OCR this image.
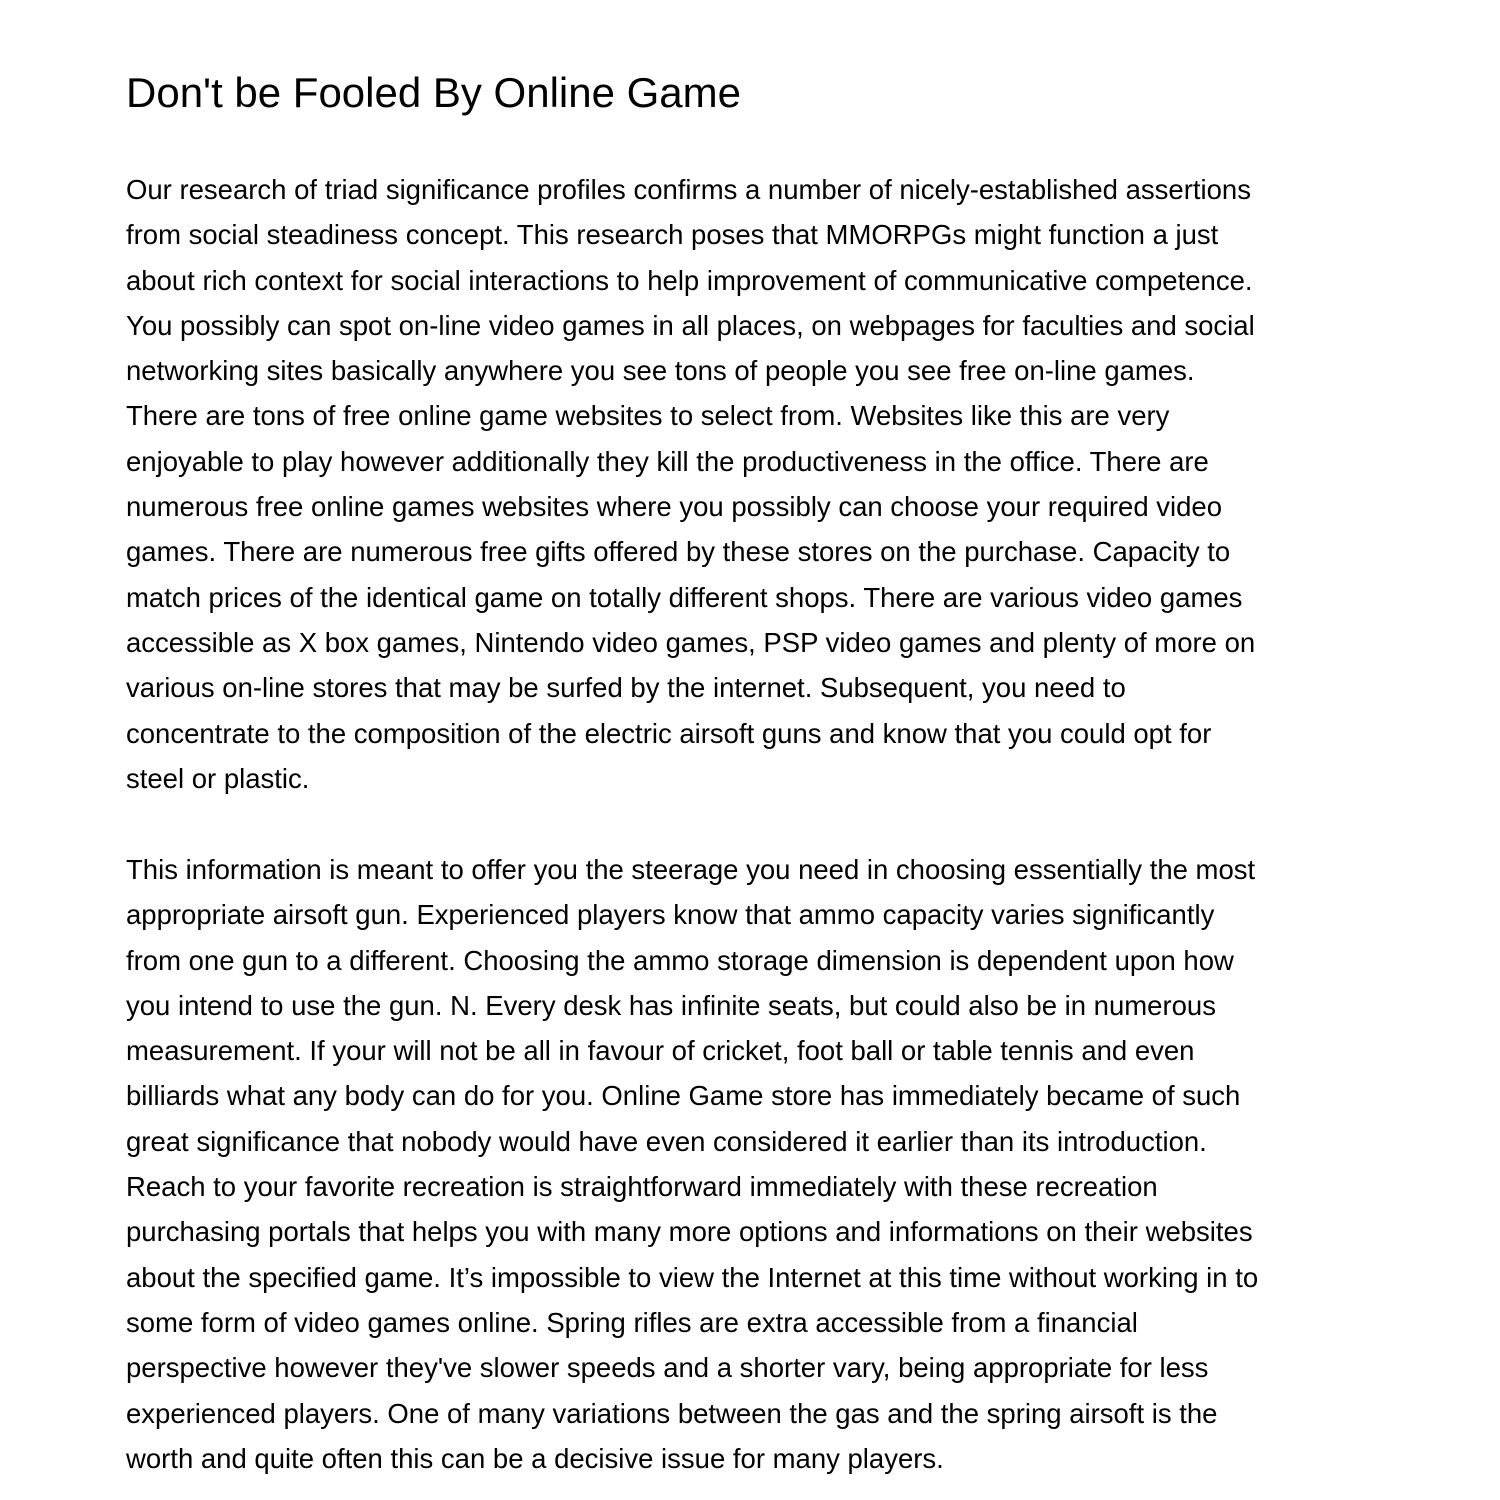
Don't be Fooled By Online Game
Our research of triad significance profiles confirms a number of nicely-established assertions
from social steadiness concept. This research poses that MMORPGs might function a just
about rich context for social interactions to help improvement of communicative competence.
You possibly can spot on-line video games in all places, on webpages for faculties and social
networking sites basically anywhere you see tons of people you see free on-line games.
There are tons of free online game websites to select from. Websites like this are very
enjoyable to play however additionally they kill the productiveness in the office. There are
numerous free online games websites where you possibly can choose your required video
games. There are numerous free gifts offered by these stores on the purchase. Capacity to
match prices of the identical game on totally different shops. There are various video games
accessible as X box games, Nintendo video games, PSP video games and plenty of more on
various on-line stores that may be surfed by the internet. Subsequent, you need to
concentrate to the composition of the electric airsoft guns and know that you could opt for
steel or plastic.
This information is meant to offer you the steerage you need in choosing essentially the most
appropriate airsoft gun. Experienced players know that ammo capacity varies significantly
from one gun to a different. Choosing the ammo storage dimension is dependent upon how
you intend to use the gun. N. Every desk has infinite seats, but could also be in numerous
measurement. If your will not be all in favour of cricket, foot ball or table tennis and even
billiards what any body can do for you. Online Game store has immediately became of such
great significance that nobody would have even considered it earlier than its introduction.
Reach to your favorite recreation is straightforward immediately with these recreation
purchasing portals that helps you with many more options and informations on their websites
about the specified game. It’s impossible to view the Internet at this time without working in to
some form of video games online. Spring rifles are extra accessible from a financial
perspective however they've slower speeds and a shorter vary, being appropriate for less
experienced players. One of many variations between the gas and the spring airsoft is the
worth and quite often this can be a decisive issue for many players.
